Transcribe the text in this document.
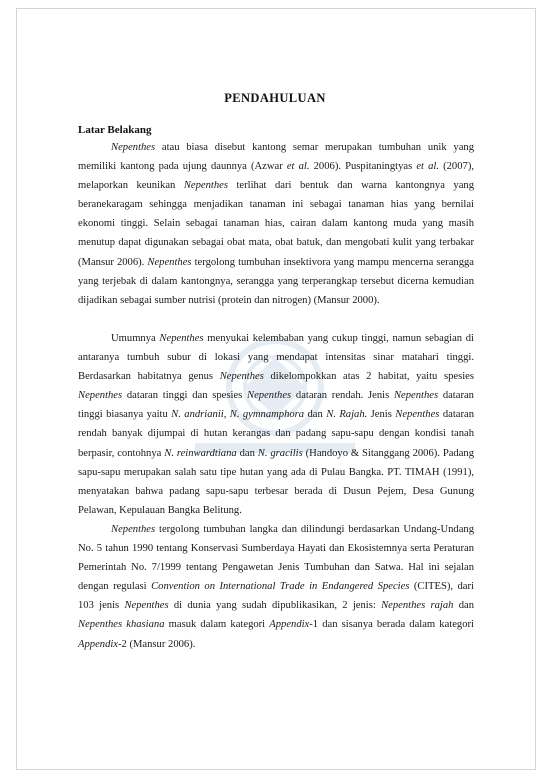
PENDAHULUAN
Latar Belakang

Nepenthes atau biasa disebut kantong semar merupakan tumbuhan unik yang memiliki kantong pada ujung daunnya (Azwar et al. 2006). Puspitaningtyas et al. (2007), melaporkan keunikan Nepenthes terlihat dari bentuk dan warna kantongnya yang beranekaragam sehingga menjadikan tanaman ini sebagai tanaman hias yang bernilai ekonomi tinggi. Selain sebagai tanaman hias, cairan dalam kantong muda yang masih menutup dapat digunakan sebagai obat mata, obat batuk, dan mengobati kulit yang terbakar (Mansur 2006). Nepenthes tergolong tumbuhan insektivora yang mampu mencerna serangga yang terjebak di dalam kantongnya, serangga yang terperangkap tersebut dicerna kemudian dijadikan sebagai sumber nutrisi (protein dan nitrogen) (Mansur 2000).

Umumnya Nepenthes menyukai kelembaban yang cukup tinggi, namun sebagian di antaranya tumbuh subur di lokasi yang mendapat intensitas sinar matahari tinggi. Berdasarkan habitatnya genus Nepenthes dikelompokkan atas 2 habitat, yaitu spesies Nepenthes dataran tinggi dan spesies Nepenthes dataran rendah. Jenis Nepenthes dataran tinggi biasanya yaitu N. andrianii, N. gymnamphora dan N. Rajah. Jenis Nepenthes dataran rendah banyak dijumpai di hutan kerangas dan padang sapu-sapu dengan kondisi tanah berpasir, contohnya N. reinwardtiana dan N. gracilis (Handoyo & Sitanggang 2006). Padang sapu-sapu merupakan salah satu tipe hutan yang ada di Pulau Bangka. PT. TIMAH (1991), menyatakan bahwa padang sapu-sapu terbesar berada di Dusun Pejem, Desa Gunung Pelawan, Kepulauan Bangka Belitung.

Nepenthes tergolong tumbuhan langka dan dilindungi berdasarkan Undang-Undang No. 5 tahun 1990 tentang Konservasi Sumberdaya Hayati dan Ekosistemnya serta Peraturan Pemerintah No. 7/1999 tentang Pengawetan Jenis Tumbuhan dan Satwa. Hal ini sejalan dengan regulasi Convention on International Trade in Endangered Species (CITES), dari 103 jenis Nepenthes di dunia yang sudah dipublikasikan, 2 jenis: Nepenthes rajah dan Nepenthes khasiana masuk dalam kategori Appendix-1 dan sisanya berada dalam kategori Appendix-2 (Mansur 2006).
